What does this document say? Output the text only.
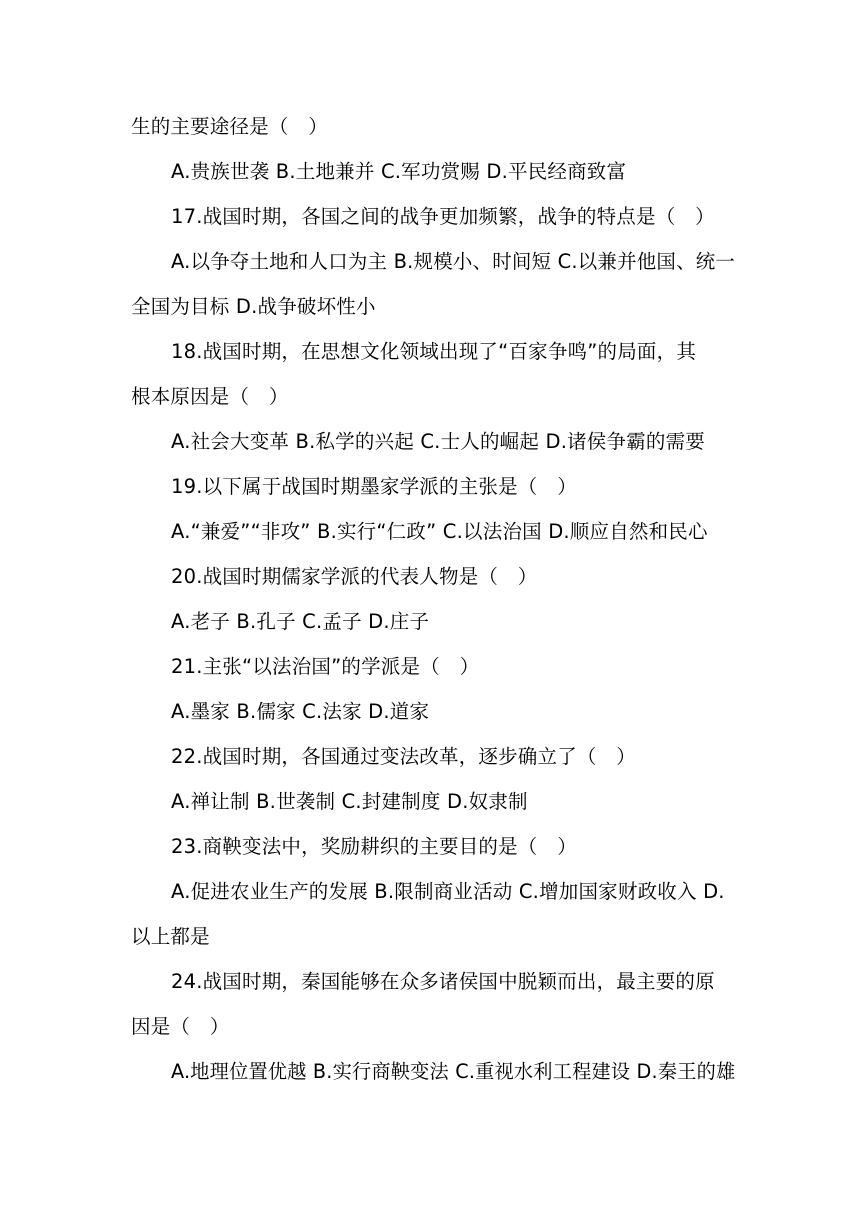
生的主要途径是（　）
A.贵族世袭 B.土地兼并 C.军功赏赐 D.平民经商致富
17.战国时期，各国之间的战争更加频繁，战争的特点是（　）
A.以争夺土地和人口为主 B.规模小、时间短 C.以兼并他国、统一
全国为目标 D.战争破坏性小
18.战国时期，在思想文化领域出现了“百家争鸣”的局面，其
根本原因是（　）
A.社会大变革 B.私学的兴起 C.士人的崛起 D.诸侯争霸的需要
19.以下属于战国时期墨家学派的主张是（　）
A.“兼爱”“非攻” B.实行“仁政” C.以法治国 D.顺应自然和民心
20.战国时期儒家学派的代表人物是（　）
A.老子 B.孔子 C.孟子 D.庄子
21.主张“以法治国”的学派是（　）
A.墨家 B.儒家 C.法家 D.道家
22.战国时期，各国通过变法改革，逐步确立了（　）
A.禅让制 B.世袭制 C.封建制度 D.奴隶制
23.商鞅变法中，奖励耕织的主要目的是（　）
A.促进农业生产的发展 B.限制商业活动 C.增加国家财政收入 D.
以上都是
24.战国时期，秦国能够在众多诸侯国中脱颖而出，最主要的原
因是（　）
A.地理位置优越 B.实行商鞅变法 C.重视水利工程建设 D.秦王的雄
